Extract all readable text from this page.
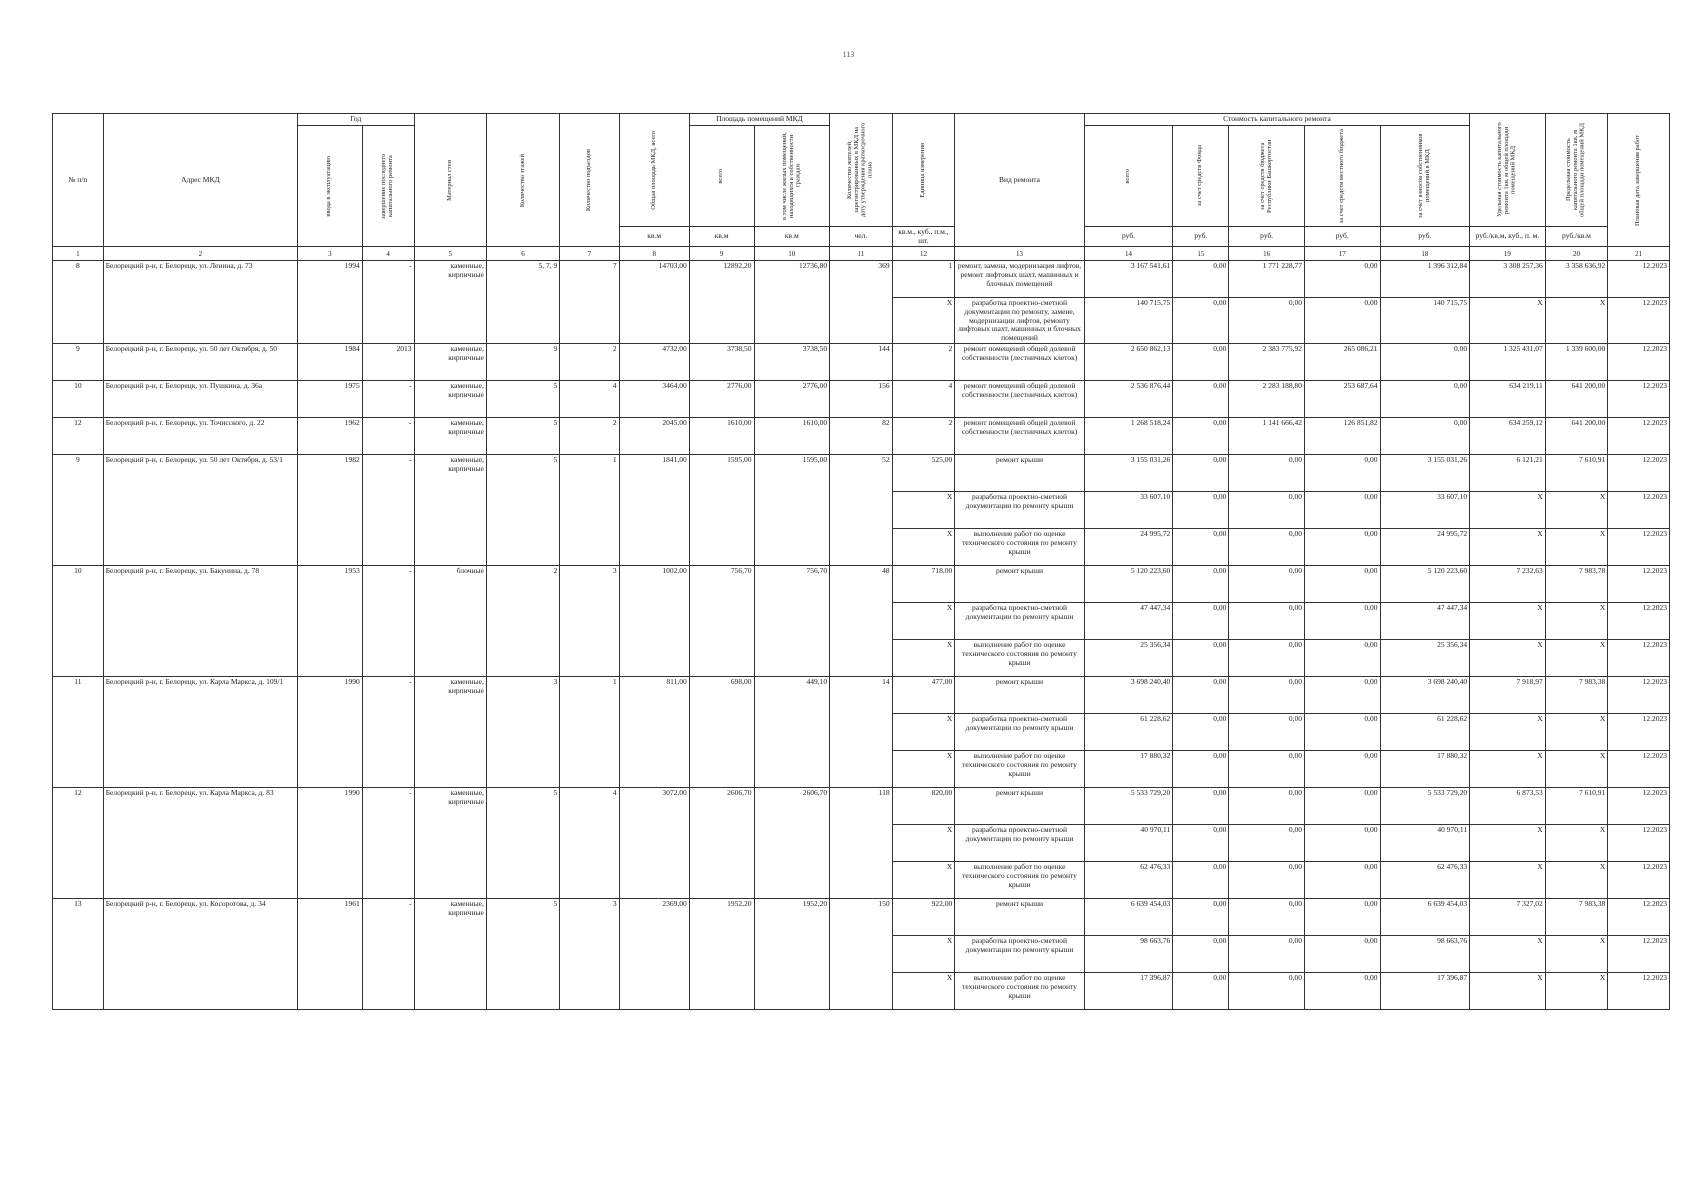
113
№ п/п	Адрес МКД	Год		Материал стен	Количество этажей	Количество подъездов	Общая площадь МКД, всего	Площадь помещений МКД		Количество жителей, зарегистрированных в МКД на дату утверждения краткосрочного плана	Единица измерения	Вид ремонта	Стоимость капитального ремонта					Удельная стоимость капитального ремонта 1кв. м общей площади помещений МКД	Предельная стоимость капитального ремонта 1кв. м общей площади помещений МКД	Плановая дата завершения работ

		ввода в эксплуатацию	завершение последнего капитального ремонта					всего	в том числе жилых помещений, находящихся в собственности граждан				всего	за счет средств Фонда	за счет средств бюджета Республики Башкортостан	за счет средств местного бюджета	за счет взносов собственников помещений в МКД			

							кв.м	кв.м	кв.м	чел.	кв.м., куб., п.м., шт.		руб.	руб.	руб.	руб.	руб.	руб./кв.м, куб., п. м.	руб./кв.м	
1	2	3	4	5	6	7	8	9	10	11	12	13	14	15	16	17	18	19	20	21
8	Белорецкий р-н, г. Белорецк, ул. Ленина, д. 73	1994	-	каменные, кирпичные	5, 7, 9	7	14703,00	12892,20	12736,80	369	1	ремонт, замена, модернизация лифтов, ремонт лифтовых шахт, машинных и блочных помещений	3 167 541,61	0,00	1 771 228,77	0,00	1 396 312,84	3 308 257,36	3 358 636,92	12.2023
											X	разработка проектно-сметной документации по ремонту, замене, модернизации лифтов, ремонту лифтовых шахт, машинных и блочных помещений	140 715,75	0,00	0,00	0,00	140 715,75	X	X	12.2023
9	Белорецкий р-н, г. Белорецк, ул. 50 лет Октября, д. 50	1984	2013	каменные, кирпичные	9	2	4732,00	3738,50	3738,50	144	2	ремонт помещений общей долевой собственности (лестничных клеток)	2 650 862,13	0,00	2 383 775,92	265 086,21	0,00	1 325 431,07	1 339 600,00	12.2023
10	Белорецкий р-н, г. Белорецк, ул. Пушкина, д. 36а	1975	-	каменные, кирпичные	5	4	3464,00	2776,00	2776,00	156	4	ремонт помещений общей долевой собственности (лестничных клеток)	2 536 876,44	0,00	2 283 188,80	253 687,64	0,00	634 219,11	641 200,00	12.2023
12	Белорецкий р-н, г. Белорецк, ул. Точисского, д. 22	1962	-	каменные, кирпичные	5	2	2045,00	1610,00	1610,00	82	2	ремонт помещений общей долевой собственности (лестничных клеток)	1 268 518,24	0,00	1 141 666,42	126 851,82	0,00	634 259,12	641 200,00	12.2023
9	Белорецкий р-н, г. Белорецк, ул. 50 лет Октября, д. 53/1	1982	-	каменные, кирпичные	5	1	1841,00	1595,00	1595,00	52	525,00	ремонт крыши	3 155 031,26	0,00	0,00	0,00	3 155 031,26	6 121,21	7 610,91	12.2023
											X	разработка проектно-сметной документации по ремонту крыши	33 607,10	0,00	0,00	0,00	33 607,10	X	X	12.2023
											X	выполнение работ по оценке технического состояния по ремонту крыши	24 995,72	0,00	0,00	0,00	24 995,72	X	X	12.2023
10	Белорецкий р-н, г. Белорецк, ул. Бакунина, д. 78	1953	-	блочные	2	3	1002,00	756,70	756,70	48	718,00	ремонт крыши	5 120 223,60	0,00	0,00	0,00	5 120 223,60	7 232,63	7 983,78	12.2023
											X	разработка проектно-сметной документации по ремонту крыши	47 447,34	0,00	0,00	0,00	47 447,34	X	X	12.2023
											X	выполнение работ по оценке технического состояния по ремонту крыши	25 356,34	0,00	0,00	0,00	25 356,34	X	X	12.2023
11	Белорецкий р-н, г. Белорецк, ул. Карла Маркса, д. 109/1	1990	-	каменные, кирпичные	3	1	811,00	698,00	449,10	14	477,00	ремонт крыши	3 698 240,40	0,00	0,00	0,00	3 698 240,40	7 918,97	7 983,38	12.2023
											X	разработка проектно-сметной документации по ремонту крыши	61 228,62	0,00	0,00	0,00	61 228,62	X	X	12.2023
											X	выполнение работ по оценке технического состояния по ремонту крыши	17 880,32	0,00	0,00	0,00	17 880,32	X	X	12.2023
12	Белорецкий р-н, г. Белорецк, ул. Карла Маркса, д. 83	1990	-	каменные, кирпичные	5	4	3072,00	2606,70	2606,70	118	820,00	ремонт крыши	5 533 729,20	0,00	0,00	0,00	5 533 729,20	6 873,53	7 610,91	12.2023
											X	разработка проектно-сметной документации по ремонту крыши	40 970,11	0,00	0,00	0,00	40 970,11	X	X	12.2023
											X	выполнение работ по оценке технического состояния по ремонту крыши	62 476,33	0,00	0,00	0,00	62 476,33	X	X	12.2023
13	Белорецкий р-н, г. Белорецк, ул. Косоротова, д. 34	1961	-	каменные, кирпичные	5	3	2369,00	1952,20	1952,20	150	922,00	ремонт крыши	6 639 454,03	0,00	0,00	0,00	6 639 454,03	7 327,02	7 983,38	12.2023
											X	разработка проектно-сметной документации по ремонту крыши	98 663,76	0,00	0,00	0,00	98 663,76	X	X	12.2023
											X	выполнение работ по оценке технического состояния по ремонту крыши	17 396,87	0,00	0,00	0,00	17 396,87	X	X	12.2023
